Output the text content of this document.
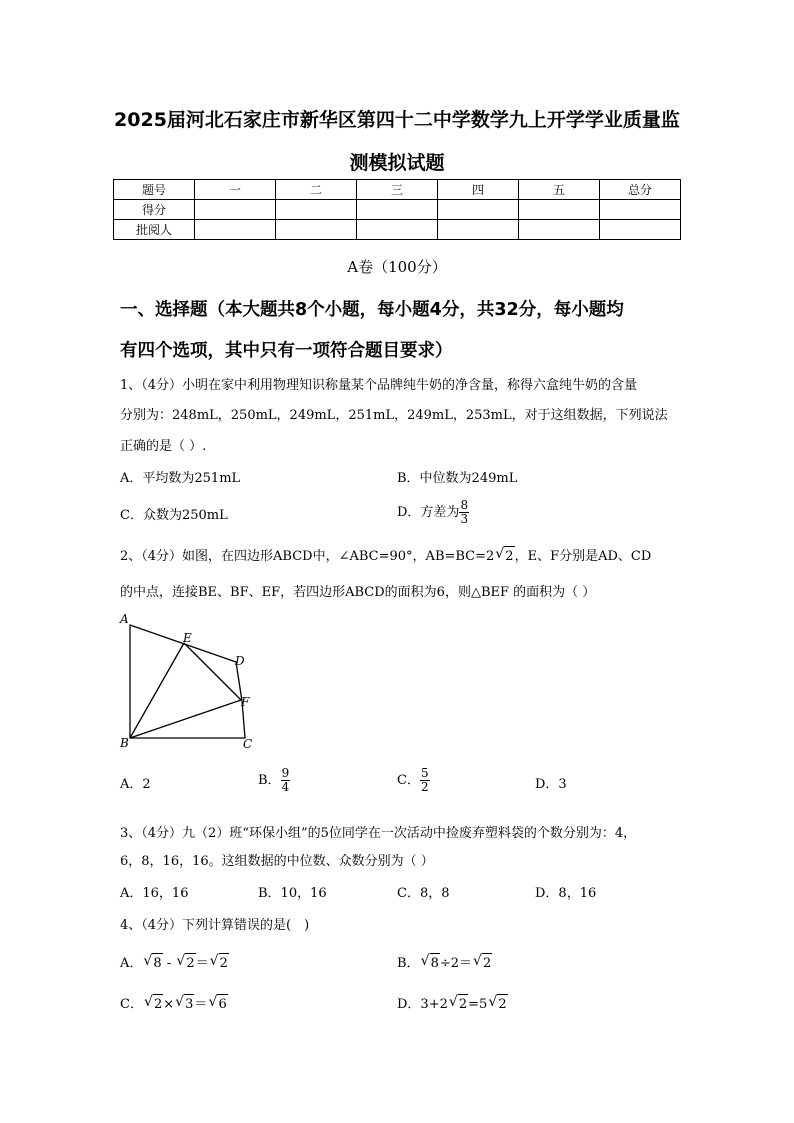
2025届河北石家庄市新华区第四十二中学数学九上开学学业质量监
测模拟试题
题号	一	二	三	四	五	总分
得分						
批阅人						
A卷（100分）
一、选择题（本大题共8个小题，每小题4分，共32分，每小题均
有四个选项，其中只有一项符合题目要求）
1、（4分）小明在家中利用物理知识称量某个品牌纯牛奶的净含量，称得六盒纯牛奶的含量
分别为：248mL，250mL，249mL，251mL，249mL，253mL，对于这组数据，下列说法
正确的是（ ）.
A．平均数为251mL	B．中位数为249mL
C．众数为250mL	D．方差为 $\frac{8}{3}$
2、（4分）如图，在四边形ABCD中，∠ABC=90°，AB=BC=2 √ 2，E、F分别是AD、CD
的中点，连接BE、BF、EF，若四边形ABCD的面积为6，则△BEF 的面积为（ ）
A
B	C
D
E
F
A．2	B． $\frac{9}{4}$	C． $\frac{5}{2}$	D．3
3、（4分）九（2）班“环保小组”的5位同学在一次活动中捡废弃塑料袋的个数分别为：4，
6，8，16，16。这组数据的中位数、众数分别为（ ）
A．16，16	B．10，16	C．8，8	D．8，16
4、（4分）下列计算错误的是(　)
A． √ 8 - √ 2＝ √ 2	B． √ 8÷2＝ √ 2
C． √ 2× √ 3＝ √ 6	D．3+2 √ 2=5 √ 2
